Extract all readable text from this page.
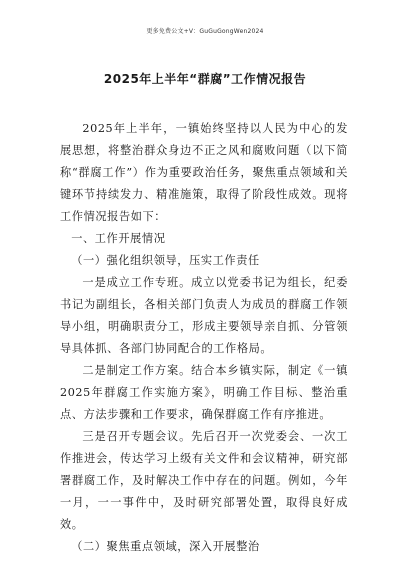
更多免费公文+V：GuGuGongWen2024
2025年上半年“群腐”工作情况报告

2025年上半年，一镇始终坚持以人民为中心的发展思想，将整治群众身边不正之风和腐败问题（以下简称“群腐工作”）作为重要政治任务，聚焦重点领域和关键环节持续发力、精准施策，取得了阶段性成效。现将工作情况报告如下：

一、工作开展情况

（一）强化组织领导，压实工作责任

一是成立工作专班。成立以党委书记为组长，纪委书记为副组长，各相关部门负责人为成员的群腐工作领导小组，明确职责分工，形成主要领导亲自抓、分管领导具体抓、各部门协同配合的工作格局。

二是制定工作方案。结合本乡镇实际，制定《一镇2025年群腐工作实施方案》，明确工作目标、整治重点、方法步骤和工作要求，确保群腐工作有序推进。

三是召开专题会议。先后召开一次党委会、一次工作推进会，传达学习上级有关文件和会议精神，研究部署群腐工作，及时解决工作中存在的问题。例如，今年一月，一一事件中，及时研究部署处置，取得良好成效。

（二）聚焦重点领域，深入开展整治
